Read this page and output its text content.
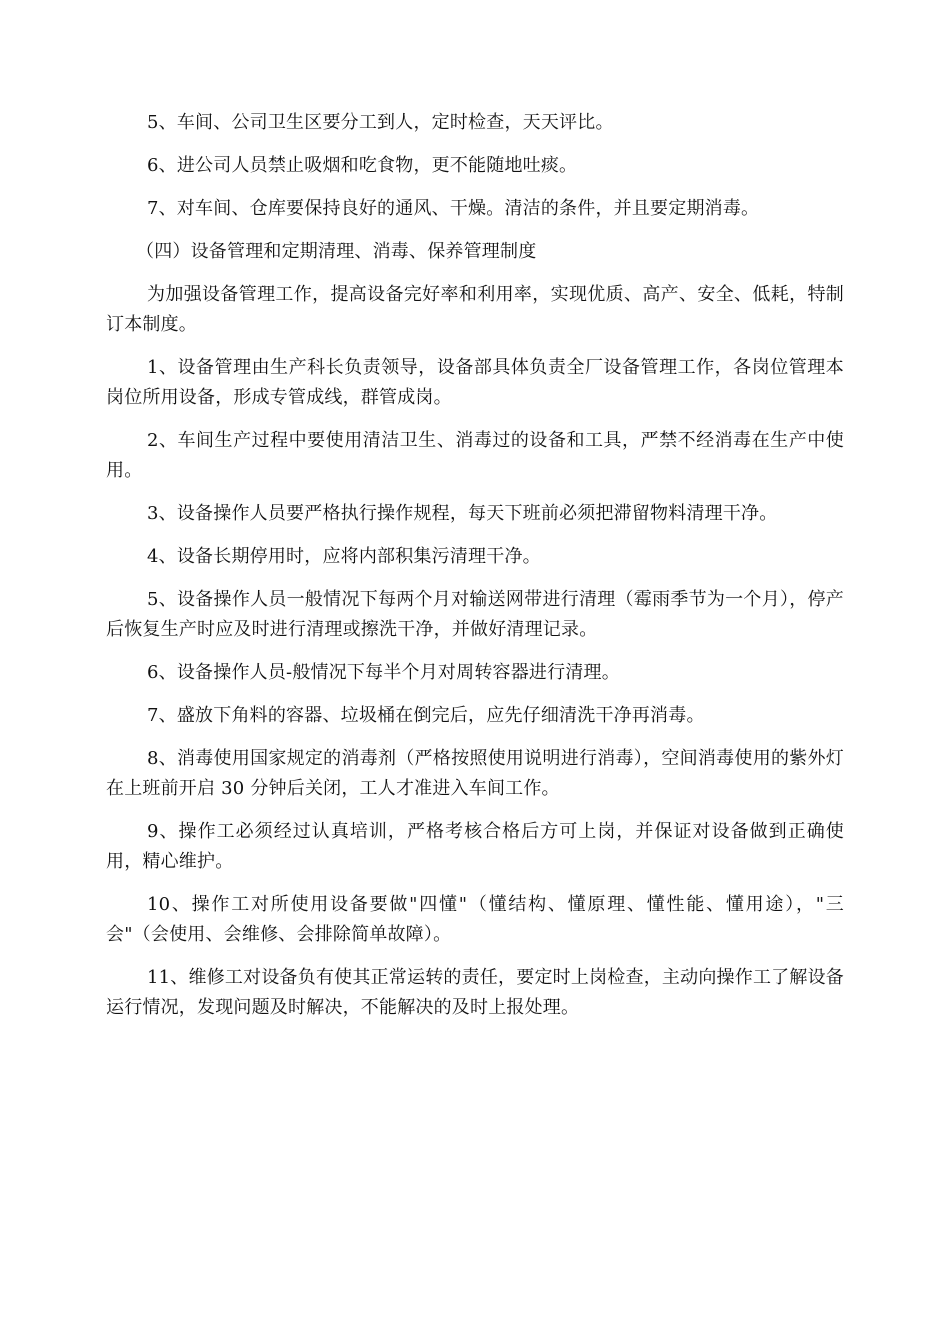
5、车间、公司卫生区要分工到人，定时检查，天天评比。

6、进公司人员禁止吸烟和吃食物，更不能随地吐痰。

7、对车间、仓库要保持良好的通风、干燥。清洁的条件，并且要定期消毒。

（四）设备管理和定期清理、消毒、保养管理制度

为加强设备管理工作，提高设备完好率和利用率，实现优质、高产、安全、低耗，特制订本制度。

1、设备管理由生产科长负责领导，设备部具体负责全厂设备管理工作，各岗位管理本岗位所用设备，形成专管成线，群管成岗。

2、车间生产过程中要使用清洁卫生、消毒过的设备和工具，严禁不经消毒在生产中使用。

3、设备操作人员要严格执行操作规程，每天下班前必须把滞留物料清理干净。

4、设备长期停用时，应将内部积集污清理干净。

5、设备操作人员一般情况下每两个月对输送网带进行清理（霉雨季节为一个月），停产后恢复生产时应及时进行清理或擦洗干净，并做好清理记录。

6、设备操作人员-般情况下每半个月对周转容器进行清理。

7、盛放下角料的容器、垃圾桶在倒完后，应先仔细清洗干净再消毒。

8、消毒使用国家规定的消毒剂（严格按照使用说明进行消毒），空间消毒使用的紫外灯在上班前开启 30 分钟后关闭，工人才准进入车间工作。

9、操作工必须经过认真培训，严格考核合格后方可上岗，并保证对设备做到正确使用，精心维护。

10、操作工对所使用设备要做"四懂"（懂结构、懂原理、懂性能、懂用途），"三会"（会使用、会维修、会排除简单故障）。

11、维修工对设备负有使其正常运转的责任，要定时上岗检查，主动向操作工了解设备运行情况，发现问题及时解决，不能解决的及时上报处理。
